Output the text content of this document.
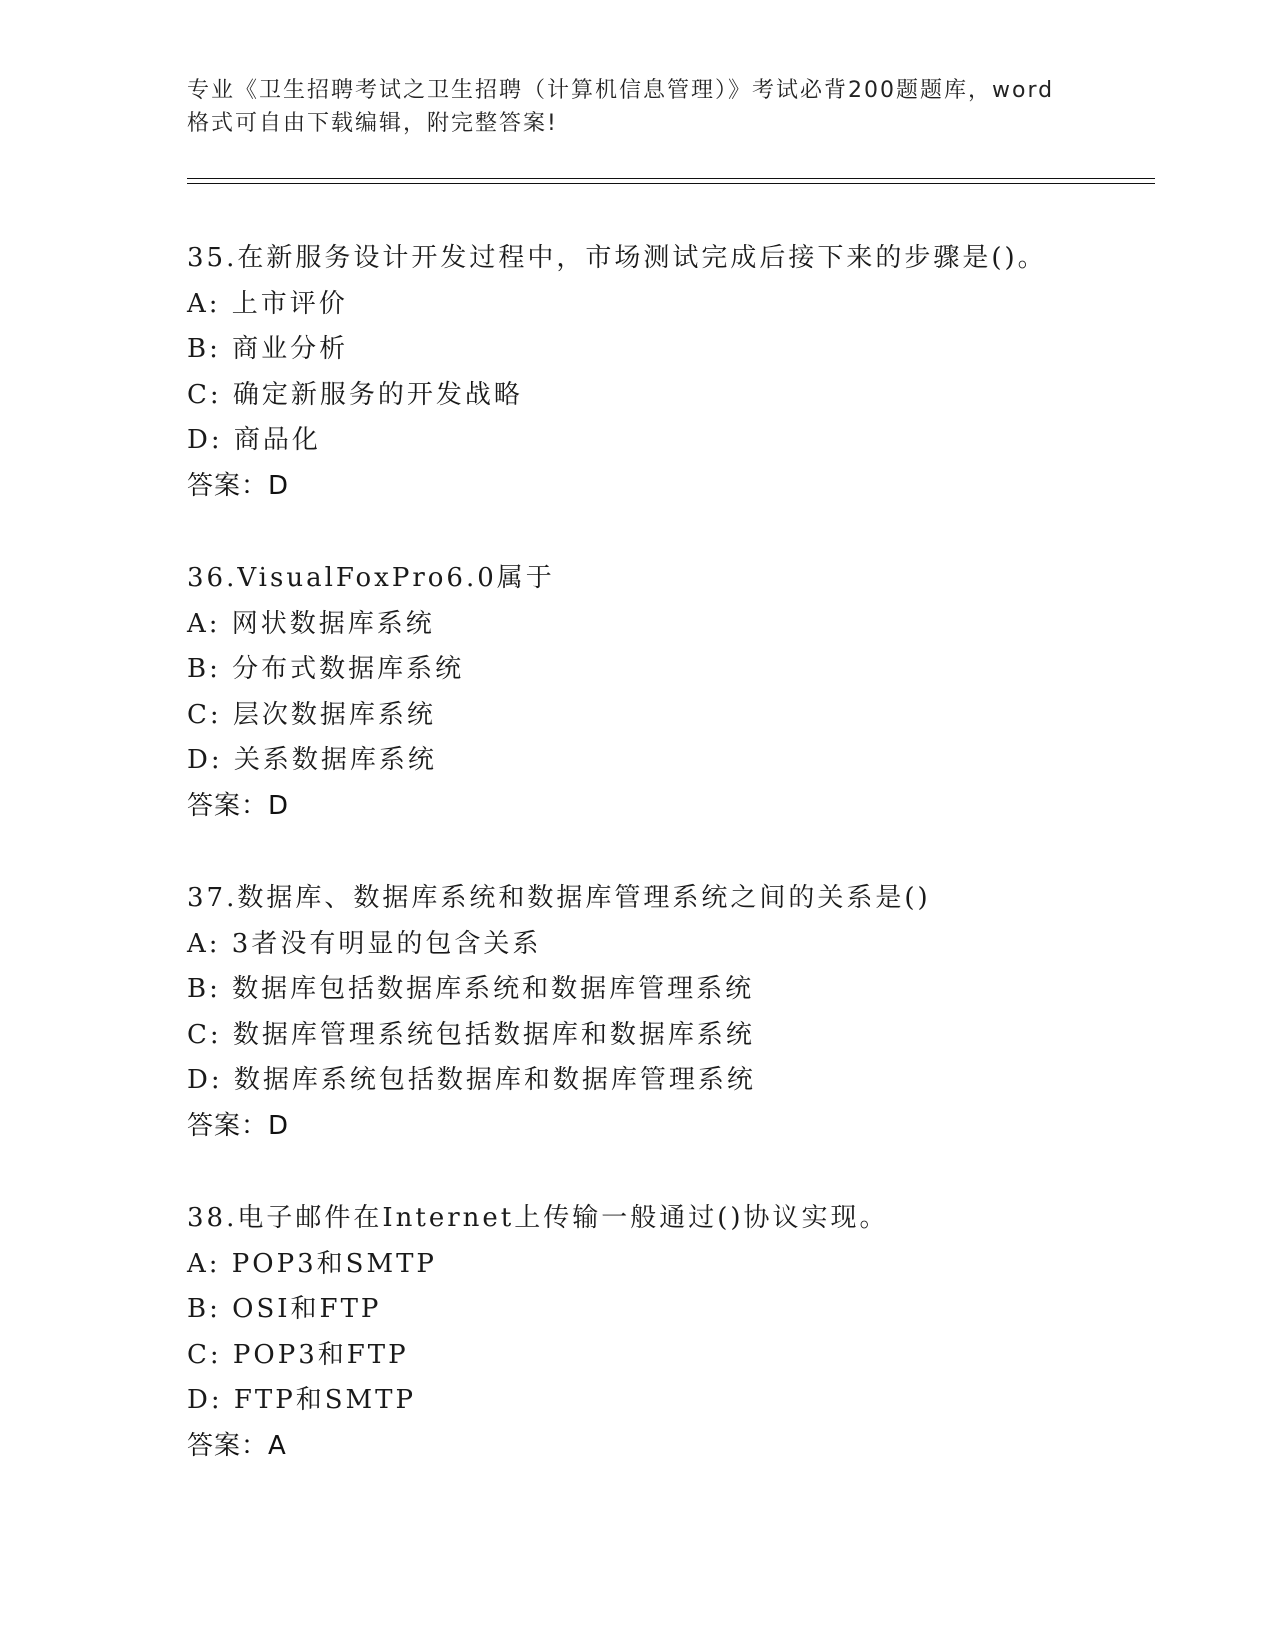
专业《卫生招聘考试之卫生招聘（计算机信息管理）》考试必背200题题库，word
格式可自由下载编辑，附完整答案!
35.在新服务设计开发过程中，市场测试完成后接下来的步骤是()。
A: 上市评价
B: 商业分析
C: 确定新服务的开发战略
D: 商品化
答案：D
36.VisualFoxPro6.0属于
A: 网状数据库系统
B: 分布式数据库系统
C: 层次数据库系统
D: 关系数据库系统
答案：D
37.数据库、数据库系统和数据库管理系统之间的关系是()
A: 3者没有明显的包含关系
B: 数据库包括数据库系统和数据库管理系统
C: 数据库管理系统包括数据库和数据库系统
D: 数据库系统包括数据库和数据库管理系统
答案：D
38.电子邮件在Internet上传输一般通过()协议实现。
A: POP3和SMTP
B: OSI和FTP
C: POP3和FTP
D: FTP和SMTP
答案：A
